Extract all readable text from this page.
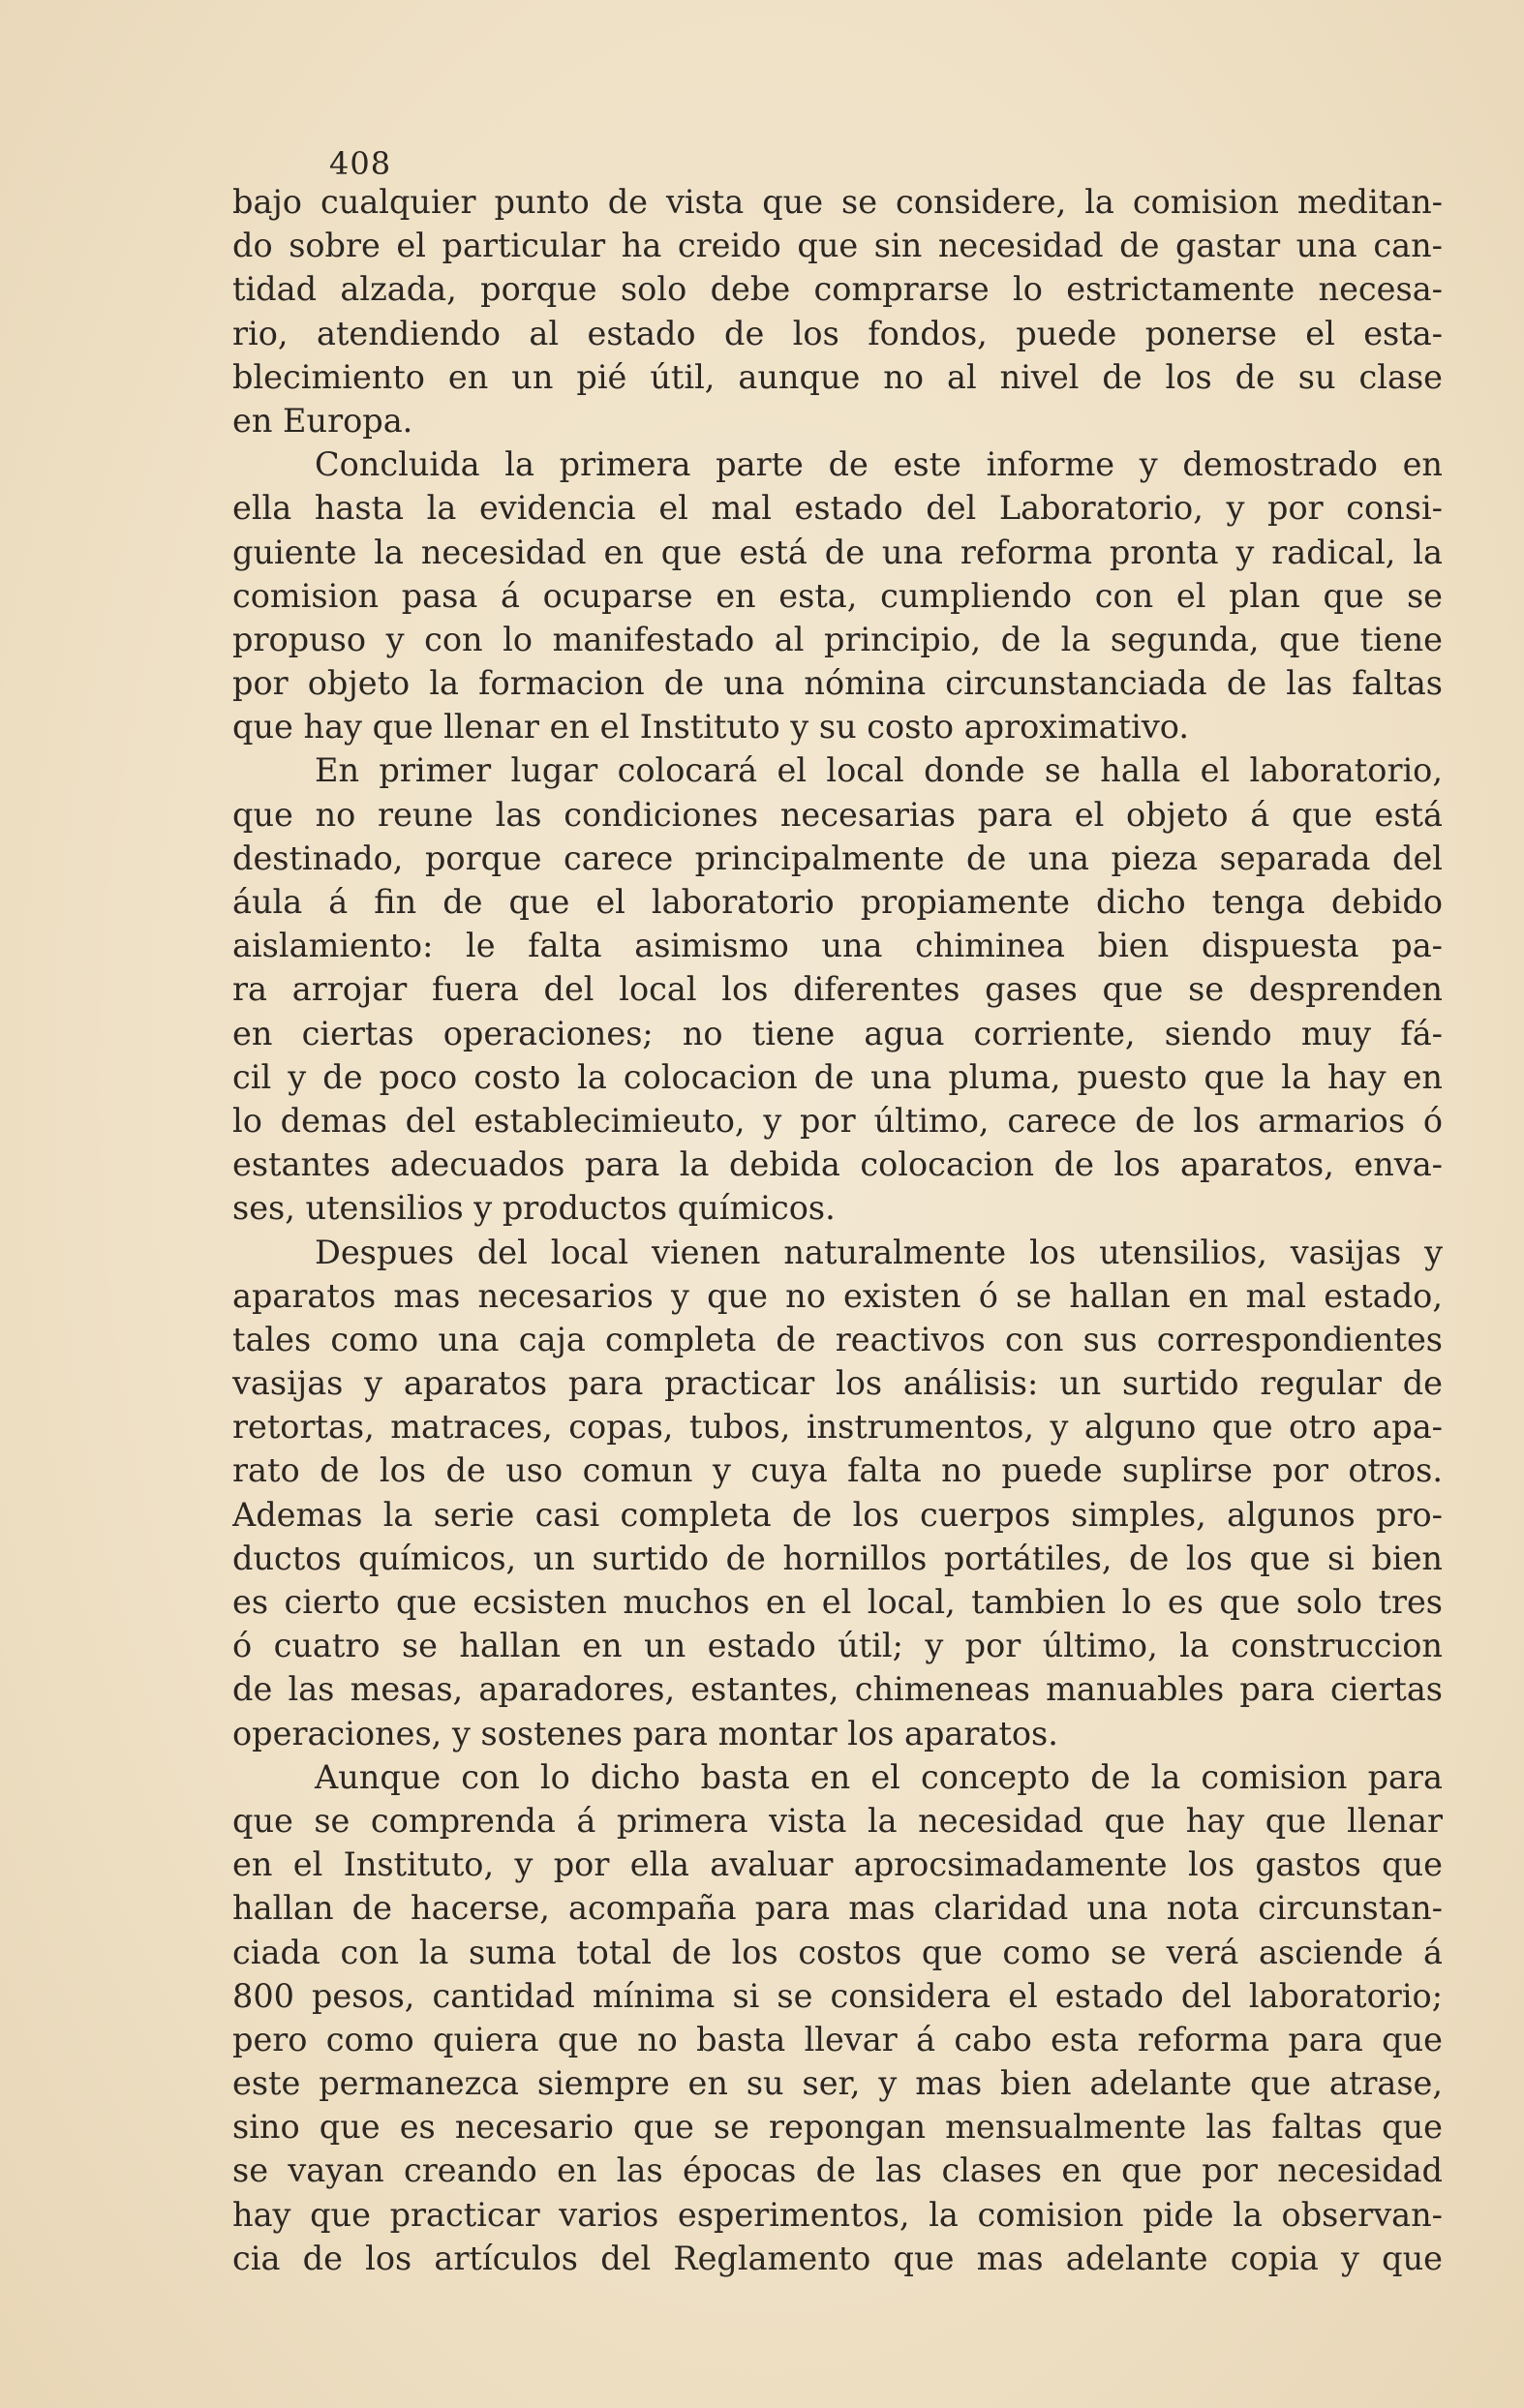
408
bajo cualquier punto de vista que se considere, la comision meditan-
do sobre el particular ha creido que sin necesidad de gastar una can-
tidad alzada, porque solo debe comprarse lo estrictamente necesa-
rio, atendiendo al estado de los fondos, puede ponerse el esta-
blecimiento en un pié útil, aunque no al nivel de los de su clase
en Europa.
Concluida la primera parte de este informe y demostrado en
ella hasta la evidencia el mal estado del Laboratorio, y por consi-
guiente la necesidad en que está de una reforma pronta y radical, la
comision pasa á ocuparse en esta, cumpliendo con el plan que se
propuso y con lo manifestado al principio, de la segunda, que tiene
por objeto la formacion de una nómina circunstanciada de las faltas
que hay que llenar en el Instituto y su costo aproximativo.
En primer lugar colocará el local donde se halla el laboratorio,
que no reune las condiciones necesarias para el objeto á que está
destinado, porque carece principalmente de una pieza separada del
áula á fin de que el laboratorio propiamente dicho tenga debido
aislamiento: le falta asimismo una chiminea bien dispuesta pa-
ra arrojar fuera del local los diferentes gases que se desprenden
en ciertas operaciones; no tiene agua corriente, siendo muy fá-
cil y de poco costo la colocacion de una pluma, puesto que la hay en
lo demas del establecimieuto, y por último, carece de los armarios ó
estantes adecuados para la debida colocacion de los aparatos, enva-
ses, utensilios y productos químicos.
Despues del local vienen naturalmente los utensilios, vasijas y
aparatos mas necesarios y que no existen ó se hallan en mal estado,
tales como una caja completa de reactivos con sus correspondientes
vasijas y aparatos para practicar los análisis: un surtido regular de
retortas, matraces, copas, tubos, instrumentos, y alguno que otro apa-
rato de los de uso comun y cuya falta no puede suplirse por otros.
Ademas la serie casi completa de los cuerpos simples, algunos pro-
ductos químicos, un surtido de hornillos portátiles, de los que si bien
es cierto que ecsisten muchos en el local, tambien lo es que solo tres
ó cuatro se hallan en un estado útil; y por último, la construccion
de las mesas, aparadores, estantes, chimeneas manuables para ciertas
operaciones, y sostenes para montar los aparatos.
Aunque con lo dicho basta en el concepto de la comision para
que se comprenda á primera vista la necesidad que hay que llenar
en el Instituto, y por ella avaluar aprocsimadamente los gastos que
hallan de hacerse, acompaña para mas claridad una nota circunstan-
ciada con la suma total de los costos que como se verá asciende á
800 pesos, cantidad mínima si se considera el estado del laboratorio;
pero como quiera que no basta llevar á cabo esta reforma para que
este permanezca siempre en su ser, y mas bien adelante que atrase,
sino que es necesario que se repongan mensualmente las faltas que
se vayan creando en las épocas de las clases en que por necesidad
hay que practicar varios esperimentos, la comision pide la observan-
cia de los artículos del Reglamento que mas adelante copia y que
